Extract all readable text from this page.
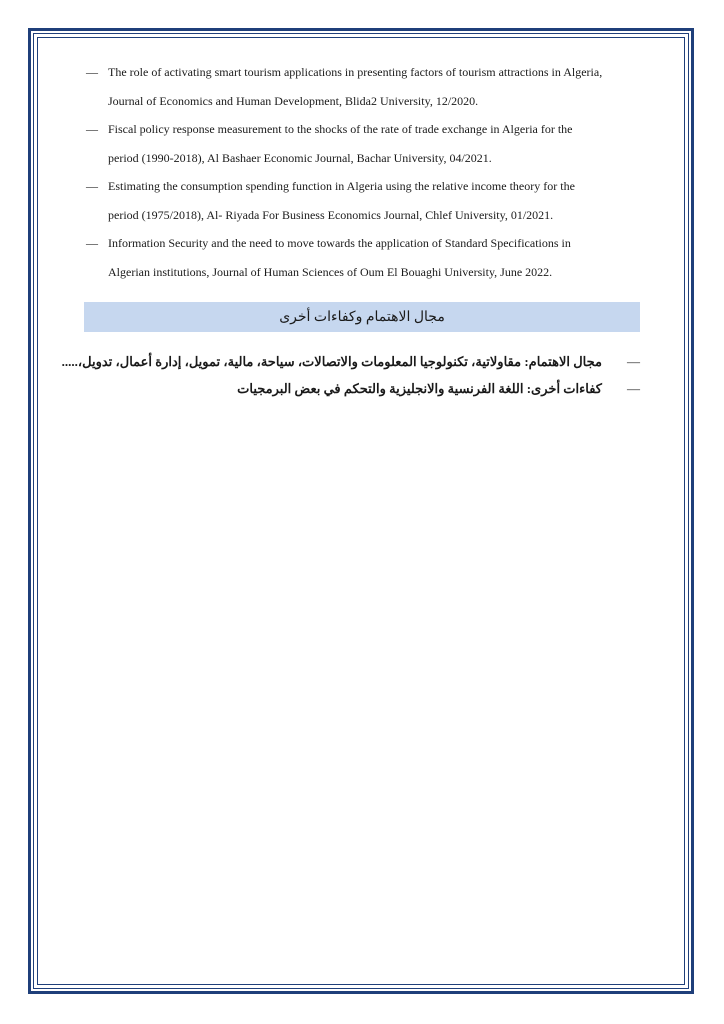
— The role of activating smart tourism applications in presenting factors of tourism attractions in Algeria,
Journal of Economics and Human Development, Blida2 University, 12/2020.
— Fiscal policy response measurement to the shocks of the rate of trade exchange in Algeria for the
period (1990-2018), Al Bashaer Economic Journal, Bachar University, 04/2021.
— Estimating the consumption spending function in Algeria using the relative income theory for the
period (1975/2018), Al- Riyada For Business Economics Journal, Chlef University, 01/2021.
— Information Security and the need to move towards the application of Standard Specifications in
Algerian institutions, Journal of Human Sciences of Oum El Bouaghi University, June 2022.
مجال الاهتمام وكفاءات أخرى
—
مجال الاهتمام: مقاولاتية، تكنولوجيا المعلومات والاتصالات، سياحة، مالية، تمويل، إدارة أعمال، تدويل،.....
—
كفاءات أخرى: اللغة الفرنسية والانجليزية والتحكم في بعض البرمجيات
